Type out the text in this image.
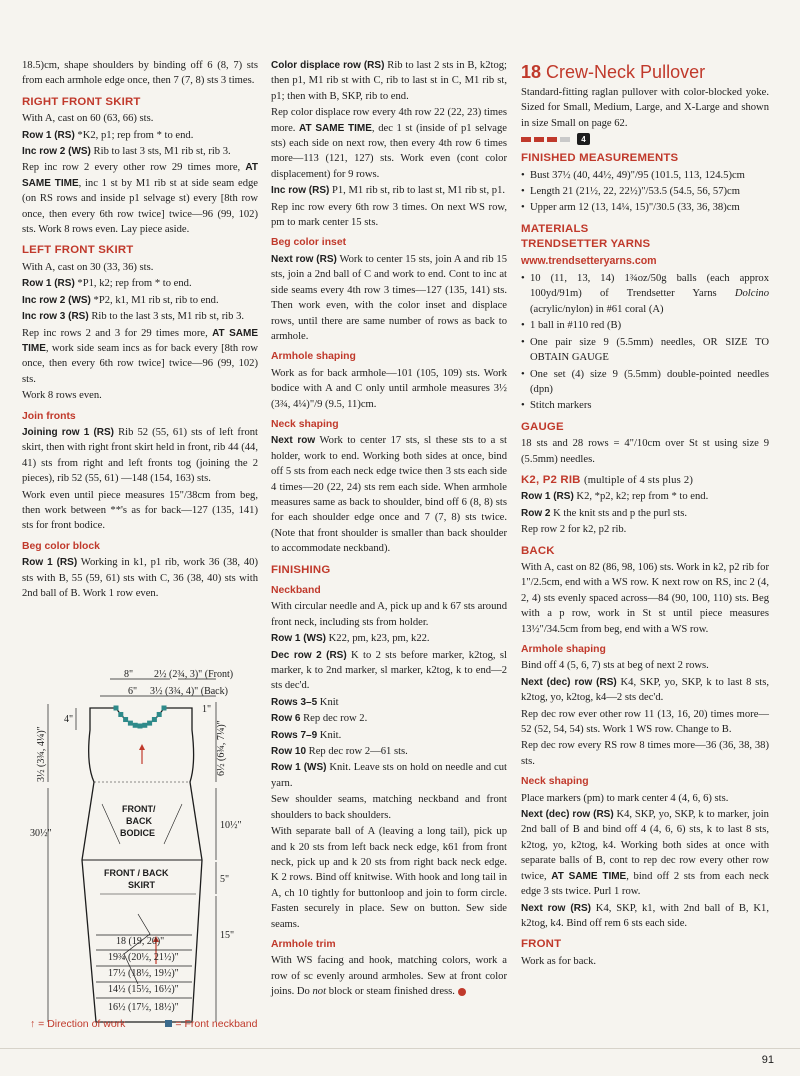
18.5)cm, shape shoulders by binding off 6 (8, 7) sts from each armhole edge once, then 7 (7, 8) sts 3 times.

RIGHT FRONT SKIRT

With A, cast on 60 (63, 66) sts.

Row 1 (RS) *K2, p1; rep from * to end.

Inc row 2 (WS) Rib to last 3 sts, M1 rib st, rib 3.

Rep inc row 2 every other row 29 times more, AT SAME TIME, inc 1 st by M1 rib st at side seam edge (on RS rows and inside p1 selvage st) every [8th row once, then every 6th row twice] twice—96 (99, 102) sts. Work 8 rows even. Lay piece aside.

LEFT FRONT SKIRT

With A, cast on 30 (33, 36) sts.

Row 1 (RS) *P1, k2; rep from * to end.

Inc row 2 (WS) *P2, k1, M1 rib st, rib to end.

Inc row 3 (RS) Rib to the last 3 sts, M1 rib st, rib 3.

Rep inc rows 2 and 3 for 29 times more, AT SAME TIME, work side seam incs as for back every [8th row once, then every 6th row twice] twice—96 (99, 102) sts.

Work 8 rows even.

Join fronts

Joining row 1 (RS) Rib 52 (55, 61) sts of left front skirt, then with right front skirt held in front, rib 44 (44, 41) sts from right and left fronts tog (joining the 2 pieces), rib 52 (55, 61) —148 (154, 163) sts.

Work even until piece measures 15"/38cm from beg, then work between **'s as for back—127 (135, 141) sts for front bodice.

Beg color block

Row 1 (RS) Working in k1, p1 rib, work 36 (38, 40) sts with B, 55 (59, 61) sts with C, 36 (38, 40) sts with 2nd ball of B. Work 1 row even.

8" 2½ (2¾, 3)" (Front)
6" 3½ (3¾, 4)" (Back)
FRONT/
BACK
BODICE
FRONT / BACK
SKIRT
4"
3½ (3¾, 4¼)"
30½"
1"
6½ (6¾, 7¼)"
10½"
5"
15"
18 (19, 20)"
19¾ (20½, 21½)"
17½ (18½, 19½)"
14½ (15½, 16½)"
16½ (17½, 18½)"
↑ = Direction of work	= Front neckband

Color displace row (RS) Rib to last 2 sts in B, k2tog; then p1, M1 rib st with C, rib to last st in C, M1 rib st, p1; then with B, SKP, rib to end.

Rep color displace row every 4th row 22 (22, 23) times more. AT SAME TIME, dec 1 st (inside of p1 selvage sts) each side on next row, then every 4th row 6 times more—113 (121, 127) sts. Work even (cont color displacement) for 9 rows.

Inc row (RS) P1, M1 rib st, rib to last st, M1 rib st, p1.

Rep inc row every 6th row 3 times. On next WS row, pm to mark center 15 sts.

Beg color inset

Next row (RS) Work to center 15 sts, join A and rib 15 sts, join a 2nd ball of C and work to end. Cont to inc at side seams every 4th row 3 times—127 (135, 141) sts. Then work even, with the color inset and displace rows, until there are same number of rows as back to armhole.

Armhole shaping

Work as for back armhole—101 (105, 109) sts. Work bodice with A and C only until armhole measures 3½ (3¾, 4¼)"/9 (9.5, 11)cm.

Neck shaping

Next row Work to center 17 sts, sl these sts to a st holder, work to end. Working both sides at once, bind off 5 sts from each neck edge twice then 3 sts each side 4 times—20 (22, 24) sts rem each side. When armhole measures same as back to shoulder, bind off 6 (8, 8) sts for each shoulder edge once and 7 (7, 8) sts twice. (Note that front shoulder is smaller than back shoulder to accommodate neckband).

FINISHING
Neckband

With circular needle and A, pick up and k 67 sts around front neck, including sts from holder.

Row 1 (WS) K22, pm, k23, pm, k22.

Dec row 2 (RS) K to 2 sts before marker, k2tog, sl marker, k to 2nd marker, sl marker, k2tog, k to end—2 sts dec'd.

Rows 3–5 Knit

Row 6 Rep dec row 2.

Rows 7–9 Knit.

Row 10 Rep dec row 2—61 sts.

Row 1 (WS) Knit. Leave sts on hold on needle and cut yarn.

Sew shoulder seams, matching neckband and front shoulders to back shoulders.

With separate ball of A (leaving a long tail), pick up and k 20 sts from left back neck edge, k61 from front neck, pick up and k 20 sts from right back neck edge. K 2 rows. Bind off knitwise. With hook and long tail in A, ch 10 tightly for buttonloop and join to form circle. Fasten securely in place. Sew on button. Sew side seams.

Armhole trim

With WS facing and hook, matching colors, work a row of sc evenly around armholes. Sew at front color joins. Do not block or steam finished dress.

18 Crew-Neck Pullover

Standard-fitting raglan pullover with color-blocked yoke. Sized for Small, Medium, Large, and X-Large and shown in size Small on page 62.

4
FINISHED MEASUREMENTS
• Bust 37½ (40, 44½, 49)"/95 (101.5, 113, 124.5)cm
• Length 21 (21½, 22, 22½)"/53.5 (54.5, 56, 57)cm
• Upper arm 12 (13, 14¼, 15)"/30.5 (33, 36, 38)cm
MATERIALS
TRENDSETTER YARNS
www.trendsetteryarns.com
• 10 (11, 13, 14) 1¾oz/50g balls (each approx 100yd/91m) of Trendsetter Yarns Dolcino (acrylic/nylon) in #61 coral (A)
• 1 ball in #110 red (B)
• One pair size 9 (5.5mm) needles, OR SIZE TO OBTAIN GAUGE
• One set (4) size 9 (5.5mm) double-pointed needles (dpn)
• Stitch markers
GAUGE

18 sts and 28 rows = 4"/10cm over St st using size 9 (5.5mm) needles.

K2, P2 RIB (multiple of 4 sts plus 2)

Row 1 (RS) K2, *p2, k2; rep from * to end.

Row 2 K the knit sts and p the purl sts.

Rep row 2 for k2, p2 rib.

BACK

With A, cast on 82 (86, 98, 106) sts. Work in k2, p2 rib for 1"/2.5cm, end with a WS row. K next row on RS, inc 2 (4, 2, 4) sts evenly spaced across—84 (90, 100, 110) sts. Beg with a p row, work in St st until piece measures 13½"/34.5cm from beg, end with a WS row.

Armhole shaping

Bind off 4 (5, 6, 7) sts at beg of next 2 rows.

Next (dec) row (RS) K4, SKP, yo, SKP, k to last 8 sts, k2tog, yo, k2tog, k4—2 sts dec'd.

Rep dec row ever other row 11 (13, 16, 20) times more—52 (52, 54, 54) sts. Work 1 WS row. Change to B.

Rep dec row every RS row 8 times more—36 (36, 38, 38) sts.

Neck shaping

Place markers (pm) to mark center 4 (4, 6, 6) sts.

Next (dec) row (RS) K4, SKP, yo, SKP, k to marker, join 2nd ball of B and bind off 4 (4, 6, 6) sts, k to last 8 sts, k2tog, yo, k2tog, k4. Working both sides at once with separate balls of B, cont to rep dec row every other row twice, AT SAME TIME, bind off 2 sts from each neck edge 3 sts twice. Purl 1 row.

Next row (RS) K4, SKP, k1, with 2nd ball of B, K1, k2tog, k4. Bind off rem 6 sts each side.

FRONT

Work as for back.

91
